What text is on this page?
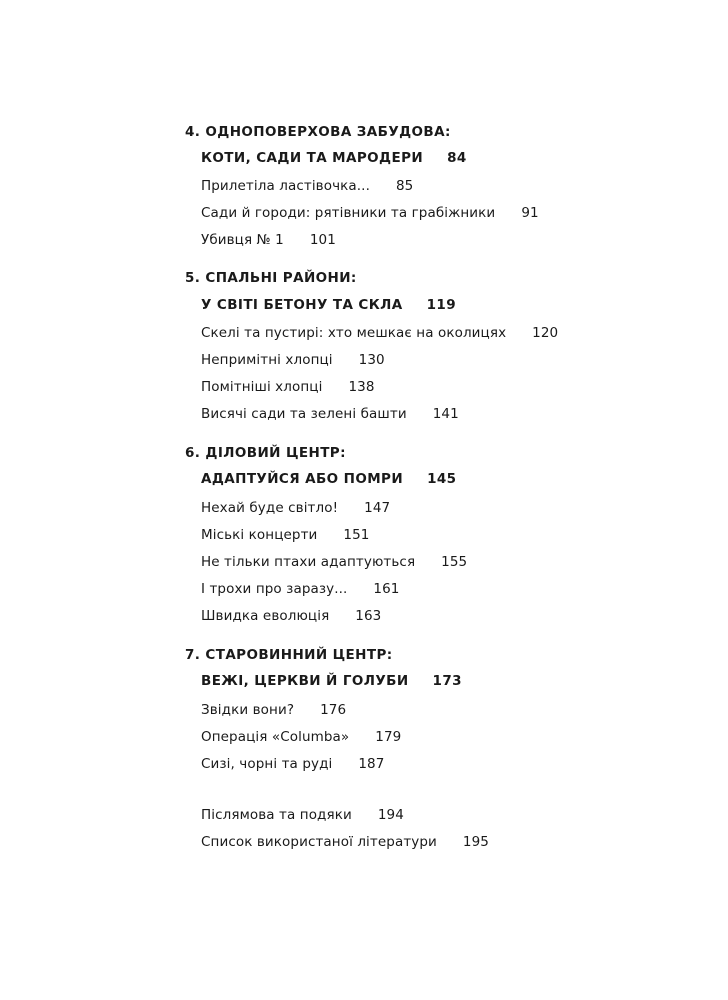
4. ОДНОПОВЕРХОВА ЗАБУДОВА:
КОТИ, САДИ ТА МАРОДЕРИ 84
Прилетіла ластівочка... 85
Сади й городи: рятівники та грабіжники 91
Убивця № 1 101
5. СПАЛЬНІ РАЙОНИ:
У СВІТІ БЕТОНУ ТА СКЛА 119
Скелі та пустирі: хто мешкає на околицях 120
Непримітні хлопці 130
Помітніші хлопці 138
Висячі сади та зелені башти 141
6. ДІЛОВИЙ ЦЕНТР:
АДАПТУЙСЯ АБО ПОМРИ 145
Нехай буде світло! 147
Міські концерти 151
Не тільки птахи адаптуються 155
І трохи про заразу... 161
Швидка еволюція 163
7. СТАРОВИННИЙ ЦЕНТР:
ВЕЖІ, ЦЕРКВИ Й ГОЛУБИ 173
Звідки вони? 176
Операція «Columba» 179
Сизі, чорні та руді 187
Післямова та подяки 194
Список використаної літератури 195
